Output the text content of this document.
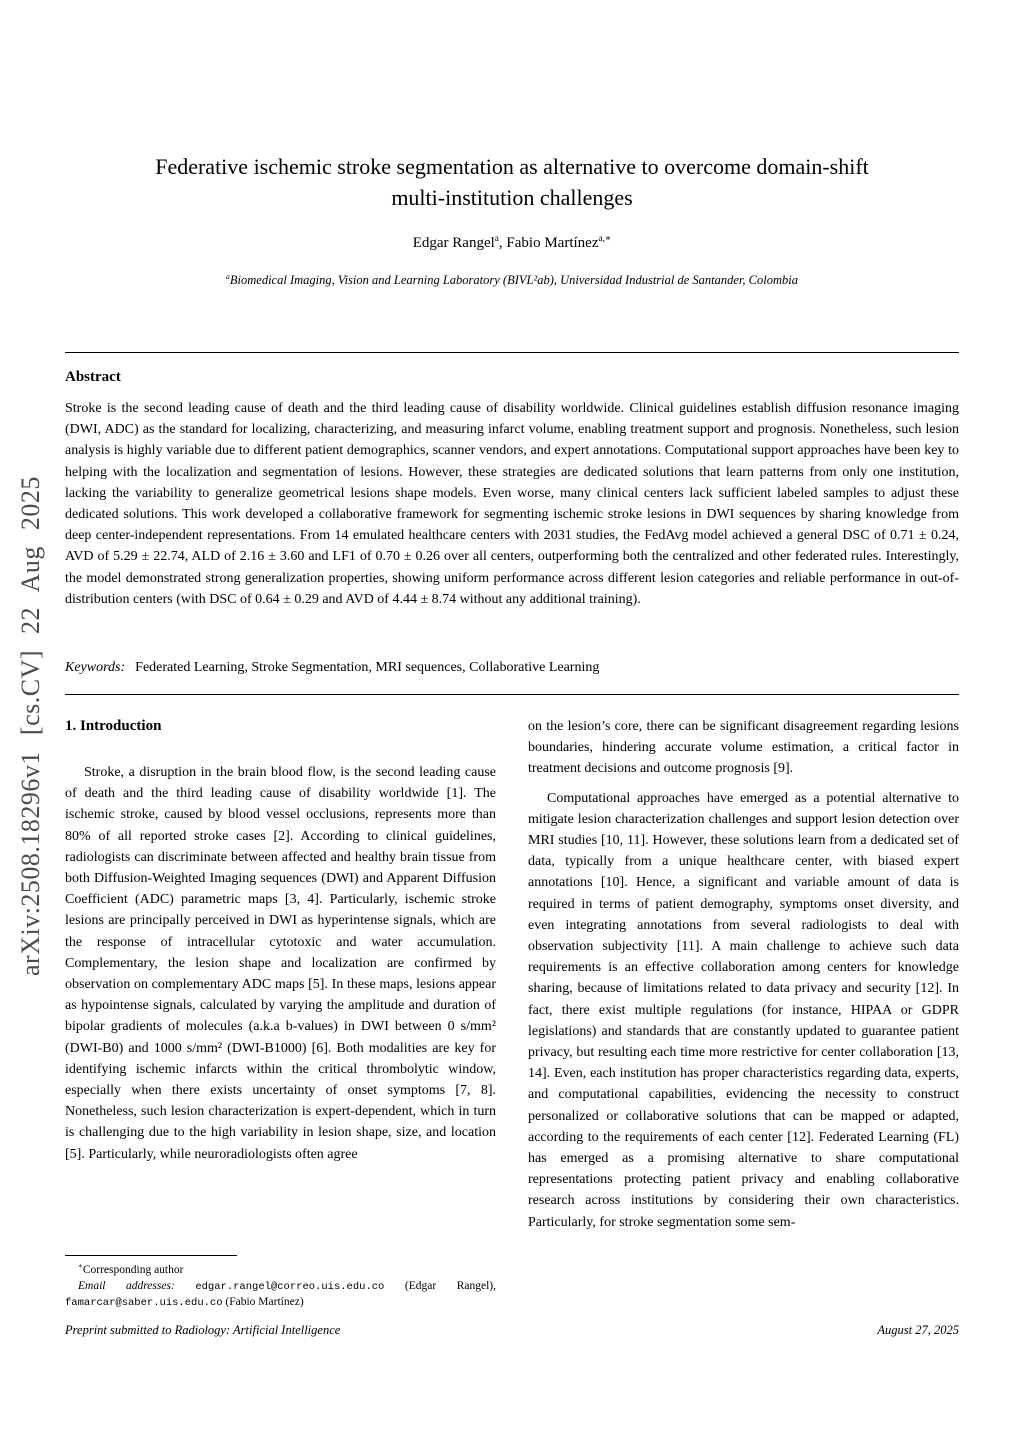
arXiv:2508.18296v1 [cs.CV] 22 Aug 2025
Federative ischemic stroke segmentation as alternative to overcome domain-shift
multi-institution challenges
Edgar Rangel$^a$, Fabio Martínez$^{a,∗}$
$^a$Biomedical Imaging, Vision and Learning Laboratory (BIVL²ab), Universidad Industrial de Santander, Colombia
Abstract
Stroke is the second leading cause of death and the third leading cause of disability worldwide. Clinical guidelines establish diffusion resonance imaging (DWI, ADC) as the standard for localizing, characterizing, and measuring infarct volume, enabling treatment support and prognosis. Nonetheless, such lesion analysis is highly variable due to different patient demographics, scanner vendors, and expert annotations. Computational support approaches have been key to helping with the localization and segmentation of lesions. However, these strategies are dedicated solutions that learn patterns from only one institution, lacking the variability to generalize geometrical lesions shape models. Even worse, many clinical centers lack sufficient labeled samples to adjust these dedicated solutions. This work developed a collaborative framework for segmenting ischemic stroke lesions in DWI sequences by sharing knowledge from deep center-independent representations. From 14 emulated healthcare centers with 2031 studies, the FedAvg model achieved a general DSC of 0.71 ± 0.24, AVD of 5.29 ± 22.74, ALD of 2.16 ± 3.60 and LF1 of 0.70 ± 0.26 over all centers, outperforming both the centralized and other federated rules. Interestingly, the model demonstrated strong generalization properties, showing uniform performance across different lesion categories and reliable performance in out-of-distribution centers (with DSC of 0.64 ± 0.29 and AVD of 4.44 ± 8.74 without any additional training).
Keywords: Federated Learning, Stroke Segmentation, MRI sequences, Collaborative Learning
1. Introduction

Stroke, a disruption in the brain blood flow, is the second leading cause of death and the third leading cause of disability worldwide [1]. The ischemic stroke, caused by blood vessel occlusions, represents more than 80% of all reported stroke cases [2]. According to clinical guidelines, radiologists can discriminate between affected and healthy brain tissue from both Diffusion-Weighted Imaging sequences (DWI) and Apparent Diffusion Coefficient (ADC) parametric maps [3, 4]. Particularly, ischemic stroke lesions are principally perceived in DWI as hyperintense signals, which are the response of intracellular cytotoxic and water accumulation. Complementary, the lesion shape and localization are confirmed by observation on complementary ADC maps [5]. In these maps, lesions appear as hypointense signals, calculated by varying the amplitude and duration of bipolar gradients of molecules (a.k.a b-values) in DWI between 0 s/mm² (DWI-B0) and 1000 s/mm² (DWI-B1000) [6]. Both modalities are key for identifying ischemic infarcts within the critical thrombolytic window, especially when there exists uncertainty of onset symptoms [7, 8]. Nonetheless, such lesion characterization is expert-dependent, which in turn is challenging due to the high variability in lesion shape, size, and location [5]. Particularly, while neuroradiologists often agree

on the lesion’s core, there can be significant disagreement regarding lesions boundaries, hindering accurate volume estimation, a critical factor in treatment decisions and outcome prognosis [9].

Computational approaches have emerged as a potential alternative to mitigate lesion characterization challenges and support lesion detection over MRI studies [10, 11]. However, these solutions learn from a dedicated set of data, typically from a unique healthcare center, with biased expert annotations [10]. Hence, a significant and variable amount of data is required in terms of patient demography, symptoms onset diversity, and even integrating annotations from several radiologists to deal with observation subjectivity [11]. A main challenge to achieve such data requirements is an effective collaboration among centers for knowledge sharing, because of limitations related to data privacy and security [12]. In fact, there exist multiple regulations (for instance, HIPAA or GDPR legislations) and standards that are constantly updated to guarantee patient privacy, but resulting each time more restrictive for center collaboration [13, 14]. Even, each institution has proper characteristics regarding data, experts, and computational capabilities, evidencing the necessity to construct personalized or collaborative solutions that can be mapped or adapted, according to the requirements of each center [12]. Federated Learning (FL) has emerged as a promising alternative to share computational representations protecting patient privacy and enabling collaborative research across institutions by considering their own characteristics. Particularly, for stroke segmentation some sem-

∗Corresponding author

Email addresses: edgar.rangel@correo.uis.edu.co (Edgar Rangel), famarcar@saber.uis.edu.co (Fabio Martínez)

Preprint submitted to Radiology: Artificial Intelligence	August 27, 2025
